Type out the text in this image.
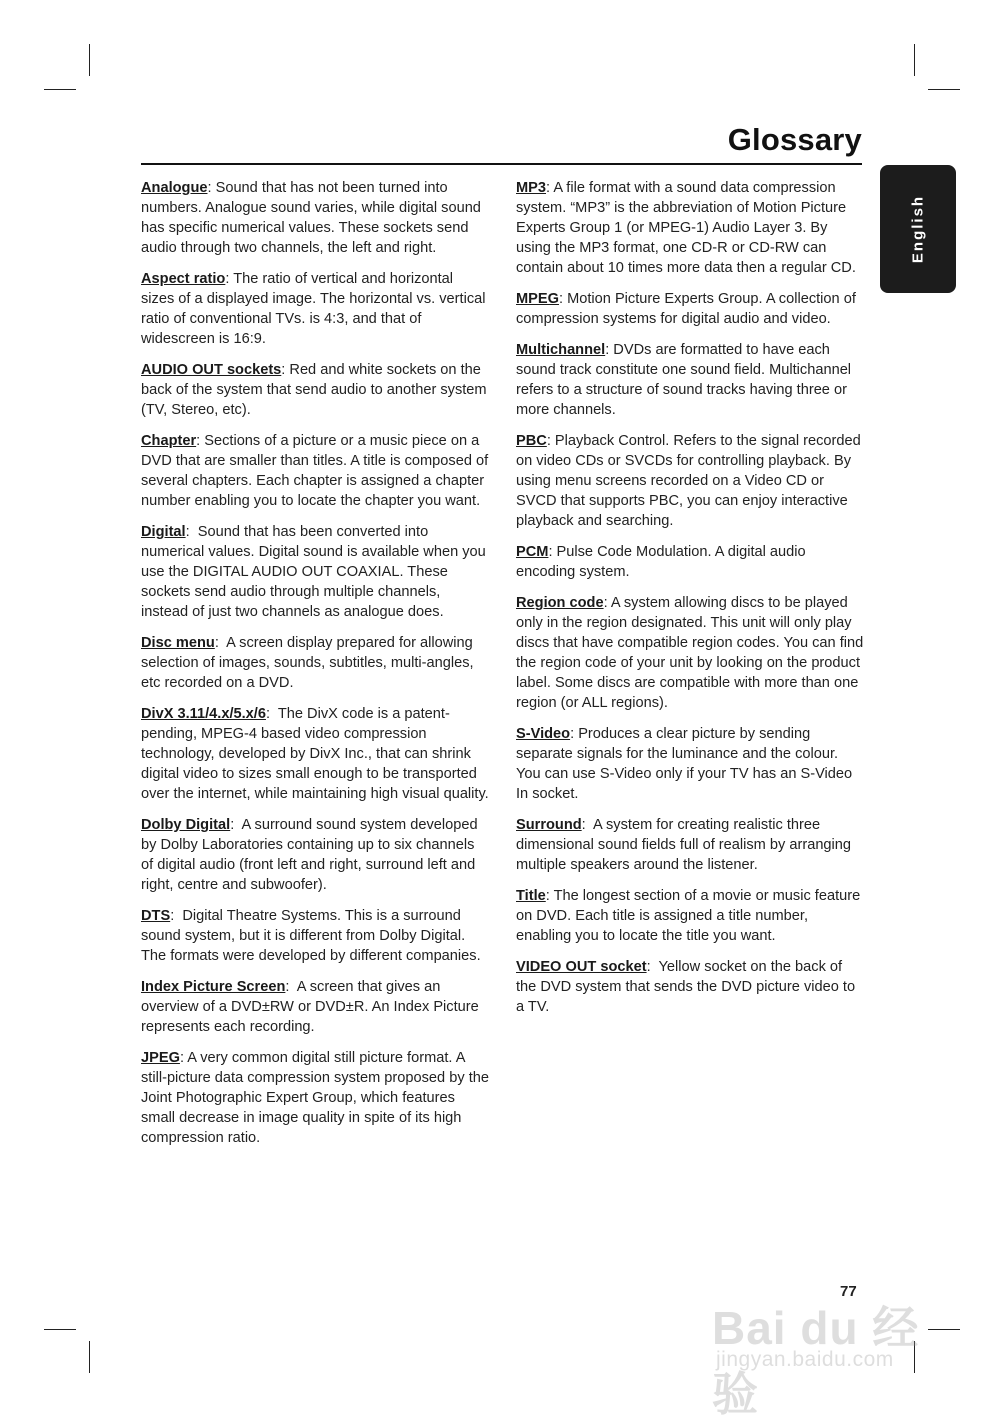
Glossary
English

Analogue: Sound that has not been turned into numbers. Analogue sound varies, while digital sound has specific numerical values. These sockets send audio through two channels, the left and right.

Aspect ratio: The ratio of vertical and horizontal sizes of a displayed image. The horizontal vs. vertical ratio of conventional TVs. is 4:3, and that of widescreen is 16:9.

AUDIO OUT sockets: Red and white sockets on the back of the system that send audio to another system (TV, Stereo, etc).

Chapter: Sections of a picture or a music piece on a DVD that are smaller than titles. A title is composed of several chapters. Each chapter is assigned a chapter number enabling you to locate the chapter you want.

Digital:  Sound that has been converted into numerical values. Digital sound is available when you use the DIGITAL AUDIO OUT COAXIAL. These sockets send audio through multiple channels, instead of just two channels as analogue does.

Disc menu:  A screen display prepared for allowing selection of images, sounds, subtitles, multi-angles, etc recorded on a DVD.

DivX 3.11/4.x/5.x/6:  The DivX code is a patent-pending, MPEG-4 based video compression technology, developed by DivX Inc., that can shrink digital video to sizes small enough to be transported over the internet, while maintaining high visual quality.

Dolby Digital:  A surround sound system developed by Dolby Laboratories containing up to six channels of digital audio (front left and right, surround left and right, centre and subwoofer).

DTS:  Digital Theatre Systems. This is a surround sound system, but it is different from Dolby Digital. The formats were developed by different companies.

Index Picture Screen:  A screen that gives an overview of a DVD±RW or DVD±R. An Index Picture represents each recording.

JPEG: A very common digital still picture format. A still-picture data compression system proposed by the Joint Photographic Expert Group, which features small decrease in image quality in spite of its high compression ratio.

MP3: A file format with a sound data compression system. “MP3” is the abbreviation of Motion Picture Experts Group 1 (or MPEG-1) Audio Layer 3. By using the MP3 format, one CD-R or CD-RW can contain about 10 times more data then a regular CD.

MPEG: Motion Picture Experts Group. A collection of compression systems for digital audio and video.

Multichannel: DVDs are formatted to have each sound track constitute one sound field. Multichannel refers to a structure of sound tracks having three or more channels.

PBC: Playback Control. Refers to the signal recorded on video CDs or SVCDs for controlling playback. By using menu screens recorded on a Video CD or SVCD that supports PBC, you can enjoy interactive playback and searching.

PCM: Pulse Code Modulation. A digital audio encoding system.

Region code: A system allowing discs to be played only in the region designated. This unit will only play discs that have compatible region codes. You can find the region code of your unit by looking on the product label. Some discs are compatible with more than one region (or ALL regions).

S-Video: Produces a clear picture by sending separate signals for the luminance and the colour. You can use S-Video only if your TV has an S-Video In socket.

Surround:  A system for creating realistic three dimensional sound fields full of realism by arranging multiple speakers around the listener.

Title: The longest section of a movie or music feature on DVD. Each title is assigned a title number, enabling you to locate the title you want.

VIDEO OUT socket:  Yellow socket on the back of the DVD system that sends the DVD picture video to a TV.

Bai du 经验
jingyan.baidu.com
77
